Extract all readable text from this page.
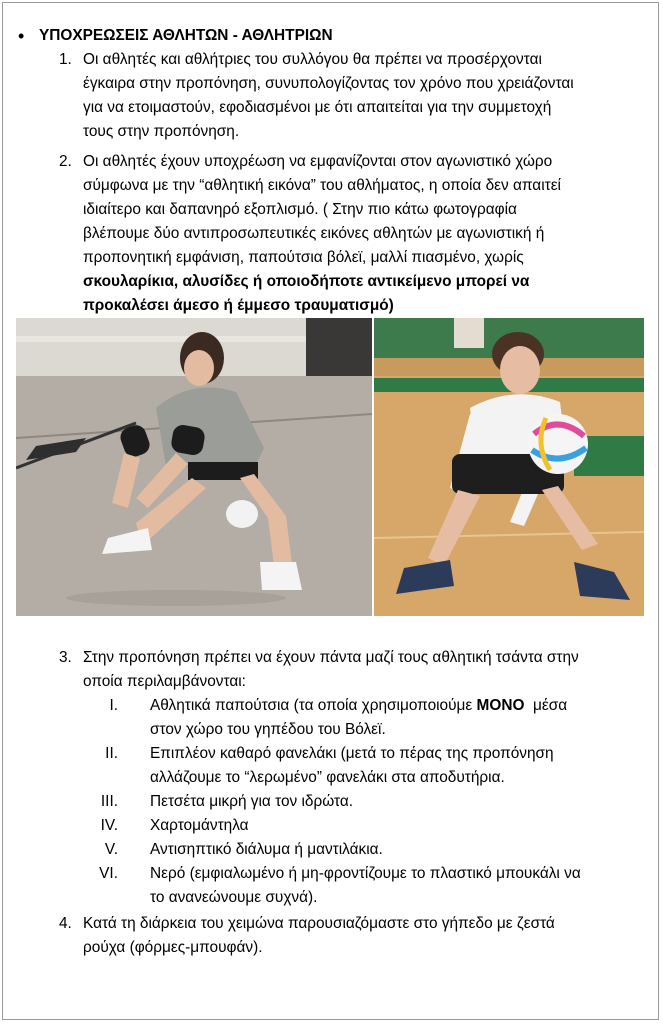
• ΥΠΟΧΡΕΩΣΕΙΣ ΑΘΛΗΤΩΝ - ΑΘΛΗΤΡΙΩΝ
1. Οι αθλητές και αθλήτριες του συλλόγου θα πρέπει να προσέρχονται
έγκαιρα στην προπόνηση, συνυπολογίζοντας τον χρόνο που χρειάζονται
για να ετοιμαστούν, εφοδιασμένοι με ότι απαιτείται για την συμμετοχή
τους στην προπόνηση.
2. Οι αθλητές έχουν υποχρέωση να εμφανίζονται στον αγωνιστικό χώρο
σύμφωνα με την “αθλητική εικόνα” του αθλήματος, η οποία δεν απαιτεί
ιδιαίτερο και δαπανηρό εξοπλισμό. ( Στην πιο κάτω φωτογραφία
βλέπουμε δύο αντιπροσωπευτικές εικόνες αθλητών με αγωνιστική ή
προπονητική εμφάνιση, παπούτσια βόλεϊ, μαλλί πιασμένο, χωρίς
σκουλαρίκια, αλυσίδες ή οποιοδήποτε αντικείμενο μπορεί να
προκαλέσει άμεσο ή έμμεσο τραυματισμό)
3. Στην προπόνηση πρέπει να έχουν πάντα μαζί τους αθλητική τσάντα στην
οποία περιλαμβάνονται:
I. Αθλητικά παπούτσια (τα οποία χρησιμοποιούμε ΜΟΝΟ  μέσα
στον χώρο του γηπέδου του Βόλεϊ.
II. Επιπλέον καθαρό φανελάκι (μετά το πέρας της προπόνηση
αλλάζουμε το “λερωμένο” φανελάκι στα αποδυτήρια.
III. Πετσέτα μικρή για τον ιδρώτα.
IV. Χαρτομάντηλα
V. Αντισηπτικό διάλυμα ή μαντιλάκια.
VI. Νερό (εμφιαλωμένο ή μη-φροντίζουμε το πλαστικό μπουκάλι να
το ανανεώνουμε συχνά).
4. Κατά τη διάρκεια του χειμώνα παρουσιαζόμαστε στο γήπεδο με ζεστά
ρούχα (φόρμες-μπουφάν).
